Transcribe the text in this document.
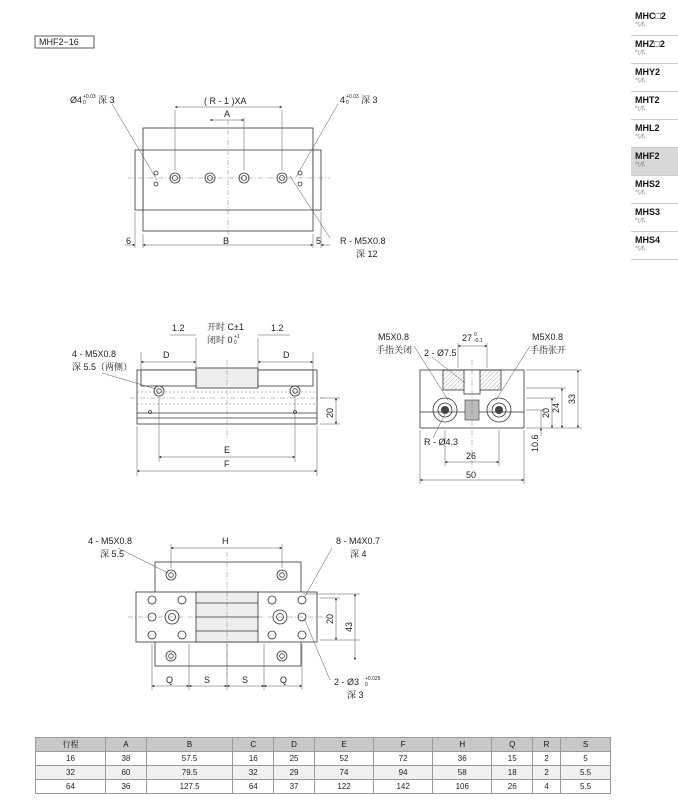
MHF2−16
Ø4 +0.03
0 深 3	( R - 1 )XA
A
4 +0.03
0 深 3
6	B	5 R - M5X0.8
深 12
1.2	1.2
开时 C±1
闭时 0 +1
0
D	D
4 - M5X0.8
深 5.5（两侧）
20
E
F
M5X0.8
手指关闭
27 0
-0.1
2 - Ø7.5
M5X0.8
手指张开
R - Ø4.3
26
50
10.6
20 24
33
4 - M5X0.8
深 5.5
H	8 - M4X0.7
深 4
20
43
Q	S	S	Q	2 - Ø3 +0.025
0
深 3
MHC□2
气爪
MHZ□2
气爪
MHY2
气爪
MHT2
气爪
MHL2
气爪
MHF2
气爪
MHS2
气爪
MHS3
气爪
MHS4
气爪
行程	A	B	C	D	E	F	H	Q	R	S
16	38	57.5	16	25	52	72	36	15	2	5
32	60	79.5	32	29	74	94	58	18	2	5.5
64	36	127.5	64	37	122	142	106	26	4	5.5
